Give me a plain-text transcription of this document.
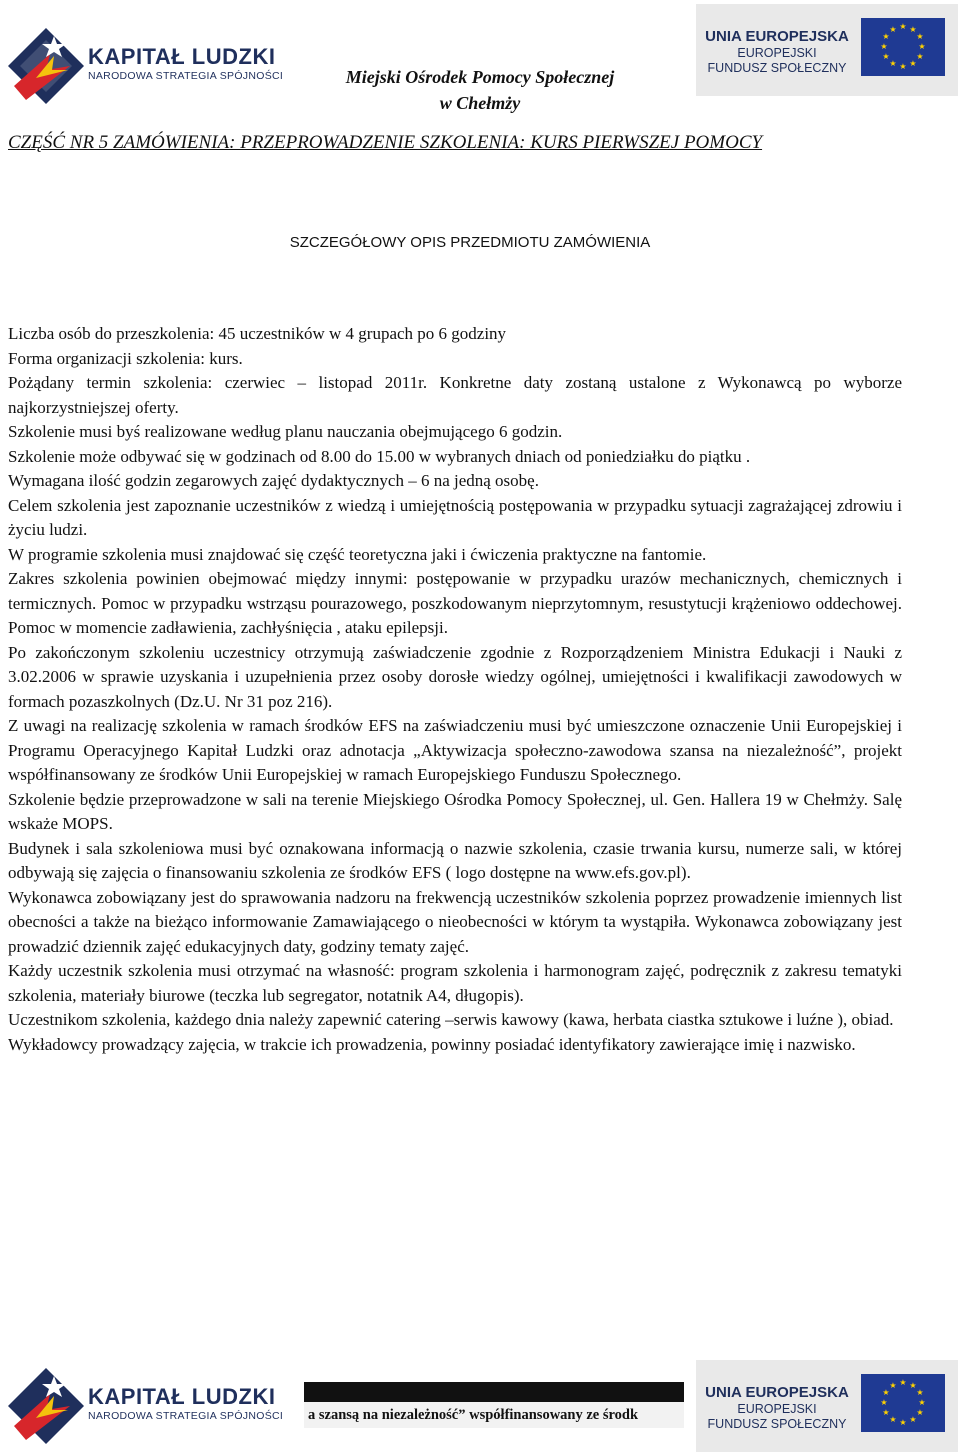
KAPITAŁ LUDZKI
NARODOWA STRATEGIA SPÓJNOŚCI	Miejski Ośrodek Pomocy Społecznej
w Chełmży
UNIA EUROPEJSKA
EUROPEJSKI
FUNDUSZ SPOŁECZNY
★ ★
★
★
★
★
★
★
★
★
★
★
CZĘŚĆ NR 5 ZAMÓWIENIA: PRZEPROWADZENIE SZKOLENIA: KURS PIERWSZEJ POMOCY
SZCZEGÓŁOWY OPIS PRZEDMIOTU ZAMÓWIENIA

Liczba osób do przeszkolenia: 45 uczestników w 4 grupach po 6 godziny

Forma organizacji szkolenia: kurs.

Pożądany termin szkolenia: czerwiec – listopad 2011r. Konkretne daty zostaną ustalone z Wykonawcą po wyborze najkorzystniejszej oferty.

Szkolenie musi byś realizowane według planu nauczania obejmującego 6 godzin.

Szkolenie może odbywać się w godzinach od 8.00 do 15.00 w wybranych dniach od poniedziałku do piątku .

Wymagana ilość godzin zegarowych zajęć dydaktycznych – 6 na jedną osobę.

Celem szkolenia jest zapoznanie uczestników z wiedzą i umiejętnością postępowania w przypadku sytuacji zagrażającej zdrowiu i życiu ludzi.

W programie szkolenia musi znajdować się część teoretyczna jaki i ćwiczenia praktyczne na fantomie.

Zakres szkolenia powinien obejmować między innymi: postępowanie w przypadku urazów mechanicznych, chemicznych i termicznych. Pomoc w przypadku wstrząsu pourazowego, poszkodowanym nieprzytomnym, resustytucji krążeniowo oddechowej. Pomoc w momencie zadławienia, zachłyśnięcia , ataku epilepsji.

Po zakończonym szkoleniu uczestnicy otrzymują zaświadczenie zgodnie z Rozporządzeniem Ministra Edukacji i Nauki z 3.02.2006 w sprawie uzyskania i uzupełnienia przez osoby dorosłe wiedzy ogólnej, umiejętności i kwalifikacji zawodowych w formach pozaszkolnych (Dz.U. Nr 31 poz 216).

Z uwagi na realizację szkolenia w ramach środków EFS na zaświadczeniu musi być umieszczone oznaczenie Unii Europejskiej i Programu Operacyjnego Kapitał Ludzki oraz adnotacja „Aktywizacja społeczno-zawodowa szansa na niezależność”, projekt współfinansowany ze środków Unii Europejskiej w ramach Europejskiego Funduszu Społecznego.

Szkolenie będzie przeprowadzone w sali na terenie Miejskiego Ośrodka Pomocy Społecznej, ul. Gen. Hallera 19 w Chełmży. Salę wskaże MOPS.

Budynek i sala szkoleniowa musi być oznakowana informacją o nazwie szkolenia, czasie trwania kursu, numerze sali, w której odbywają się zajęcia o finansowaniu szkolenia ze środków EFS ( logo dostępne na www.efs.gov.pl).

Wykonawca zobowiązany jest do sprawowania nadzoru na frekwencją uczestników szkolenia poprzez prowadzenie imiennych list obecności a także na bieżąco informowanie Zamawiającego o nieobecności w którym ta wystąpiła. Wykonawca zobowiązany jest prowadzić dziennik zajęć edukacyjnych daty, godziny tematy zajęć.

Każdy uczestnik szkolenia musi otrzymać na własność: program szkolenia i harmonogram zajęć, podręcznik z zakresu tematyki szkolenia, materiały biurowe (teczka lub segregator, notatnik A4, długopis).

Uczestnikom szkolenia, każdego dnia należy zapewnić catering –serwis kawowy (kawa, herbata ciastka sztukowe i luźne ), obiad.

Wykładowcy prowadzący zajęcia, w trakcie ich prowadzenia, powinny posiadać identyfikatory zawierające imię i nazwisko.

KAPITAŁ LUDZKI
NARODOWA STRATEGIA SPÓJNOŚCI a szansą na niezależność” współfinansowany ze środk
UNIA EUROPEJSKA
EUROPEJSKI
FUNDUSZ SPOŁECZNY
★ ★
★
★
★
★
★
★
★
★
★
★
